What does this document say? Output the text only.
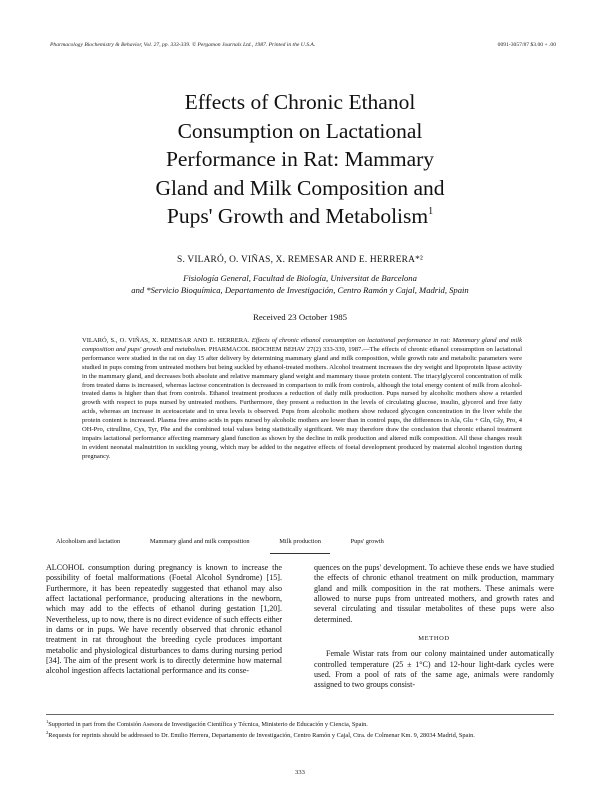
Pharmacology Biochemistry & Behavior, Vol. 27, pp. 333-339. © Pergamon Journals Ltd., 1987. Printed in the U.S.A.	0091-3057/87 $3.00 + .00
Effects of Chronic Ethanol
Consumption on Lactational
Performance in Rat: Mammary
Gland and Milk Composition and
Pups' Growth and Metabolism$^1$
S. VILARÓ, O. VIÑAS, X. REMESAR AND E. HERRERA*²
Fisiología General, Facultad de Biología, Universitat de Barcelona
and *Servicio Bioquímica, Departamento de Investigación, Centro Ramón y Cajal, Madrid, Spain
Received 23 October 1985

VILARÓ, S., O. VIÑAS, X. REMESAR AND E. HERRERA. Effects of chronic ethanol consumption on lactational performance in rat: Mammary gland and milk composition and pups' growth and metabolism. PHARMACOL BIOCHEM BEHAV 27(2) 333-339, 1987.—The effects of chronic ethanol consumption on lactational performance were studied in the rat on day 15 after delivery by determining mammary gland and milk composition, while growth rate and metabolic parameters were studied in pups coming from untreated mothers but being suckled by ethanol-treated mothers. Alcohol treatment increases the dry weight and lipoprotein lipase activity in the mammary gland, and decreases both absolute and relative mammary gland weight and mammary tissue protein content. The triacylglycerol concentration of milk from treated dams is increased, whereas lactose concentration is decreased in comparison to milk from controls, although the total energy content of milk from alcohol-treated dams is higher than that from controls. Ethanol treatment produces a reduction of daily milk production. Pups nursed by alcoholic mothers show a retarded growth with respect to pups nursed by untreated mothers. Furthermore, they present a reduction in the levels of circulating glucose, insulin, glycerol and free fatty acids, whereas an increase in acetoacetate and in urea levels is observed. Pups from alcoholic mothers show reduced glycogen concentration in the liver while the protein content is increased. Plasma free amino acids in pups nursed by alcoholic mothers are lower than in control pups, the differences in Ala, Glu + Gln, Gly, Pro, 4 OH-Pro, citrulline, Cys, Tyr, Phe and the combined total values being statistically significant. We may therefore draw the conclusion that chronic ethanol treatment impairs lactational performance affecting mammary gland function as shown by the decline in milk production and altered milk composition. All these changes result in evident neonatal malnutrition in suckling young, which may be added to the negative effects of foetal development produced by maternal alcohol ingestion during pregnancy.

Alcoholism and lactation	Mammary gland and milk composition	Milk production	Pups' growth

ALCOHOL consumption during pregnancy is known to increase the possibility of foetal malformations (Foetal Alcohol Syndrome) [15]. Furthermore, it has been repeatedly suggested that ethanol may also affect lactational performance, producing alterations in the newborn, which may add to the effects of ethanol during gestation [1,20]. Nevertheless, up to now, there is no direct evidence of such effects either in dams or in pups. We have recently observed that chronic ethanol treatment in rat throughout the breeding cycle produces important metabolic and physiological disturbances to dams during nursing period [34]. The aim of the present work is to directly determine how maternal alcohol ingestion affects lactational performance and its conse-

quences on the pups' development. To achieve these ends we have studied the effects of chronic ethanol treatment on milk production, mammary gland and milk composition in the rat mothers. These animals were allowed to nurse pups from untreated mothers, and growth rates and several circulating and tissular metabolites of these pups were also determined.

METHOD

Female Wistar rats from our colony maintained under automatically controlled temperature (25 ± 1°C) and 12-hour light-dark cycles were used. From a pool of rats of the same age, animals were randomly assigned to two groups consist-

$^1$Supported in part from the Comisión Asesora de Investigación Científica y Técnica, Ministerio de Educación y Ciencia, Spain.

$^2$Requests for reprints should be addressed to Dr. Emilio Herrera, Departamento de Investigación, Centro Ramón y Cajal, Ctra. de Colmenar Km. 9, 28034 Madrid, Spain.

333
